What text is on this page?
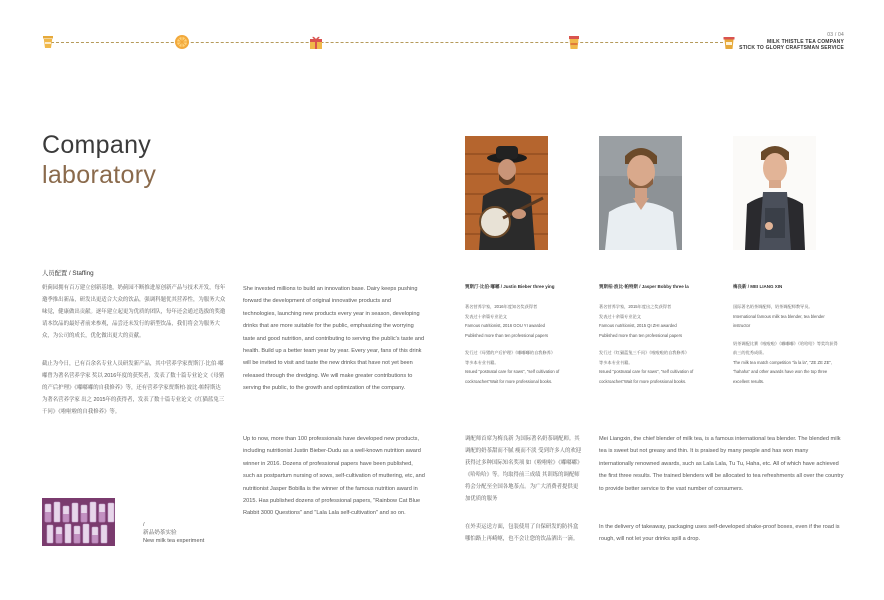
03 / 04
MILK THISTLE TEA COMPANY
STICK TO GLORY CRAFTSMAN SERVICE
Company
laboratory
人员配置 / Staffing
奶蓟园拥有百万建立创新基地，奶蓟园不断推进原创新产品与技术开发，每年邀季推出新品，研发出更适合大众的饮品，强调科题优其营养性，为服务大众味觉，健康做出贡献。逐年建立起更为优质的团队，每年还会通过选拔的奖邀请本饮品的最好者前来参观，品尝还未发行的新型饮品，我们将会为服务大众，为公司的成长，优化做出更大的贡献。
截止为今日，已有百余名专业人员研发新产品，其中营养学家贾斯汀·比伯·嘟嘟曾为著名营养学家 奖以 2016年度的获奖者，发表了数十篇专业论文《母猪的产后护理》《嘟嘟嘟的自我修养》等，还有营养学家贾斯柏·波比·帕特斯达为著名营养学家 出之 2015年的获得者，发表了数十篇专业论文《红猫蓝兔三千问》《啦啦啦的自我修养》等。
She invested millions to build an innovation base. Dairy keeps pushing forward the development of original innovative products and technologies, launching new products every year in season, developing drinks that are more suitable for the public, emphasizing the worrying taste and good nutrition, and contributing to serving the public's taste and health. Build up a better team year by year. Every year, fans of this drink will be invited to visit and taste the new drinks that have not yet been released through the dredging. We will make greater contributions to serving the public, to the growth and optimization of the company.
Up to now, more than 100 professionals have developed new products, including nutritionist Justin Bieber-Dudu as a well-known nutrition award winner in 2016. Dozens of professional papers have been published, such as postpartum nursing of sows, self-cultivation of muttering, etc, and nutritionist Jasper Bobilla is the winner of the famous nutrition award in 2015. Has published dozens of professional papers, "Rainbow Cat Blue Rabbit 3000 Questions" and "Lala Lala self-cultivation" and so on.
贾斯汀·比伯·嘟嘟 / Justin Bieber three ying
著名营养学家，2016年度知名奖获得者
发表过十余篇专业论文
Famous nutritionist, 2016 GOU YI awarded
Published more than ten professional papers
发行过《母猪的产后护理》《嘟嘟嘟的自我修养》
等多本专业书籍。
Issued "postnatal care for sows", "self cultivation of
cockroaches"Wait for more professional books.
贾斯柏·波比·帕特斯 / Jasper Bobby three la
著名营养学家，2015年度出之奖获得者
发表过十余篇专业论文
Famous nutritionist, 2015 QI ZHI awarded
Published more than ten professional papers
发行过《红猫蓝兔三千问》《啦啦啦的自我修养》
等多本专业书籍。
Issued "postnatal care for sows", "self cultivation of
cockroaches"Wait for more professional books.
梅良新 / MEI LIANG XIN
国际著名奶茶调配师，奶茶调配师教导员。
International famous milk tea blender, tea blender
instructor
奶茶调配比赛《啦啦啦》《嘟嘟嘟》《哈哈哈》等奖均获得
前三的优秀成绩。
The milk tea match competition "la la la", "ZE ZE ZE",
"hahaha" and other awards have won the top three excellent results.
调配师首席为梅良新 为国际著名奶茶调配师。其调配的奶茶甜而不腻 瘦而不淡 受到许多人的欢迎 获得过多种国际知名奖项 如《啦啦啦》《嘟嘟嘟》《哈哈哈》等。均取得前三成绩 其训练的调配师将会分配至全国各地茶点。为广大消费者提供更加优质的服务
在外卖运送方面，包装使用了自保研发的防抖盒 哪怕路上再崎岖，也不会让您的饮品洒出一滴。
Mei Liangxin, the chief blender of milk tea, is a famous international tea blender. The blended milk tea is sweet but not greasy and thin. It is praised by many people and has won many internationally renowned awards, such as Lala Lala, Tu Tu, Haha, etc. All of which have achieved the first three results. The trained blenders will be allocated to tea refreshments all over the country to provide better service to the vast number of consumers.
In the delivery of takeaway, packaging uses self-developed shake-proof boxes, even if the road is rough, will not let your drinks spill a drop.
/
新品奶茶实验
New milk tea experiment
